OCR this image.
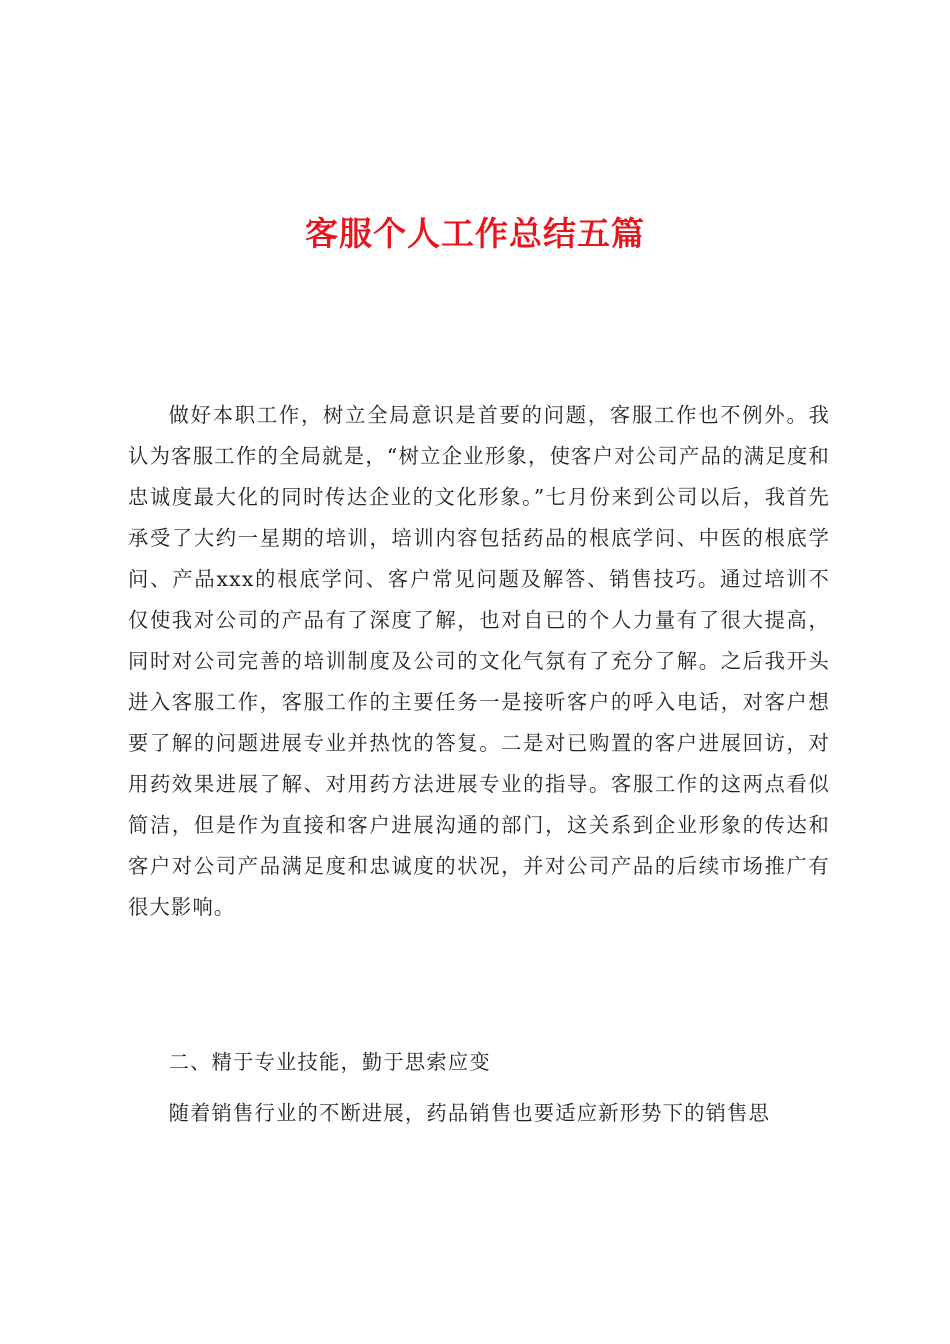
客服个人工作总结五篇

做好本职工作，树立全局意识是首要的问题，客服工作也不例外。我认为客服工作的全局就是，“树立企业形象，使客户对公司产品的满足度和忠诚度最大化的同时传达企业的文化形象。”七月份来到公司以后，我首先承受了大约一星期的培训，培训内容包括药品的根底学问、中医的根底学问、产品xxx的根底学问、客户常见问题及解答、销售技巧。通过培训不仅使我对公司的产品有了深度了解，也对自已的个人力量有了很大提高，同时对公司完善的培训制度及公司的文化气氛有了充分了解。之后我开头进入客服工作，客服工作的主要任务一是接听客户的呼入电话，对客户想要了解的问题进展专业并热忱的答复。二是对已购置的客户进展回访，对用药效果进展了解、对用药方法进展专业的指导。客服工作的这两点看似简洁，但是作为直接和客户进展沟通的部门，这关系到企业形象的传达和客户对公司产品满足度和忠诚度的状况，并对公司产品的后续市场推广有很大影响。

二、精于专业技能，勤于思索应变

随着销售行业的不断进展，药品销售也要适应新形势下的销售思
